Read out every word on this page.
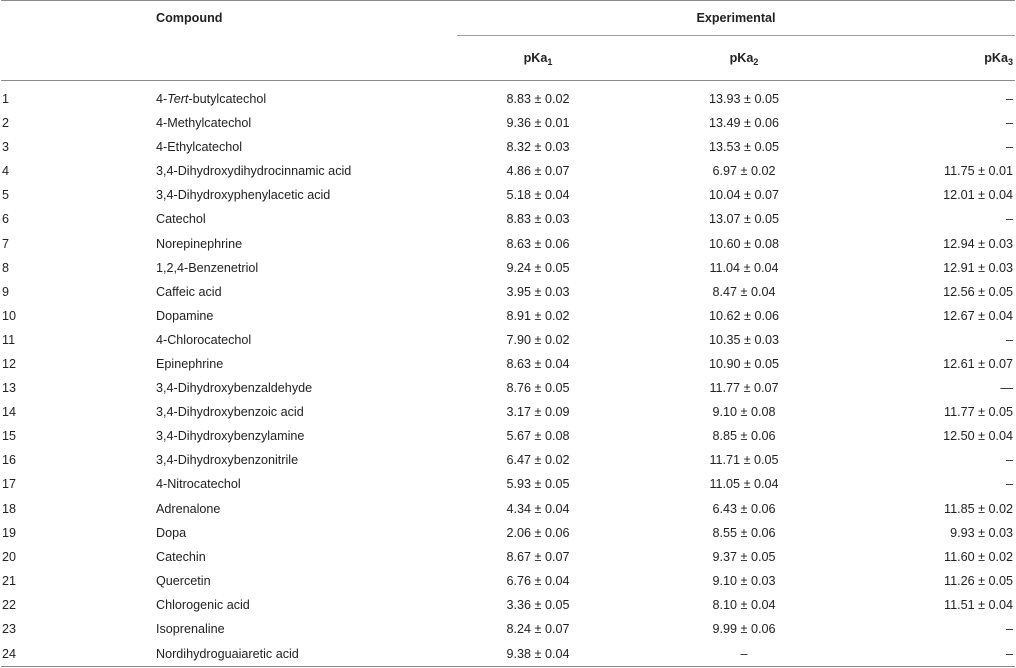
	Compound	Experimental		
		pKa$_1$	pKa$_2$	pKa$_3$
1	4-Tert-butylcatechol	8.83 ± 0.02	13.93 ± 0.05	–
2	4-Methylcatechol	9.36 ± 0.01	13.49 ± 0.06	–
3	4-Ethylcatechol	8.32 ± 0.03	13.53 ± 0.05	–
4	3,4-Dihydroxydihydrocinnamic acid	4.86 ± 0.07	6.97 ± 0.02	11.75 ± 0.01
5	3,4-Dihydroxyphenylacetic acid	5.18 ± 0.04	10.04 ± 0.07	12.01 ± 0.04
6	Catechol	8.83 ± 0.03	13.07 ± 0.05	–
7	Norepinephrine	8.63 ± 0.06	10.60 ± 0.08	12.94 ± 0.03
8	1,2,4-Benzenetriol	9.24 ± 0.05	11.04 ± 0.04	12.91 ± 0.03
9	Caffeic acid	3.95 ± 0.03	8.47 ± 0.04	12.56 ± 0.05
10	Dopamine	8.91 ± 0.02	10.62 ± 0.06	12.67 ± 0.04
11	4-Chlorocatechol	7.90 ± 0.02	10.35 ± 0.03	–
12	Epinephrine	8.63 ± 0.04	10.90 ± 0.05	12.61 ± 0.07
13	3,4-Dihydroxybenzaldehyde	8.76 ± 0.05	11.77 ± 0.07	—
14	3,4-Dihydroxybenzoic acid	3.17 ± 0.09	9.10 ± 0.08	11.77 ± 0.05
15	3,4-Dihydroxybenzylamine	5.67 ± 0.08	8.85 ± 0.06	12.50 ± 0.04
16	3,4-Dihydroxybenzonitrile	6.47 ± 0.02	11.71 ± 0.05	–
17	4-Nitrocatechol	5.93 ± 0.05	11.05 ± 0.04	–
18	Adrenalone	4.34 ± 0.04	6.43 ± 0.06	11.85 ± 0.02
19	Dopa	2.06 ± 0.06	8.55 ± 0.06	9.93 ± 0.03
20	Catechin	8.67 ± 0.07	9.37 ± 0.05	11.60 ± 0.02
21	Quercetin	6.76 ± 0.04	9.10 ± 0.03	11.26 ± 0.05
22	Chlorogenic acid	3.36 ± 0.05	8.10 ± 0.04	11.51 ± 0.04
23	Isoprenaline	8.24 ± 0.07	9.99 ± 0.06	–
24	Nordihydroguaiaretic acid	9.38 ± 0.04	–	–
